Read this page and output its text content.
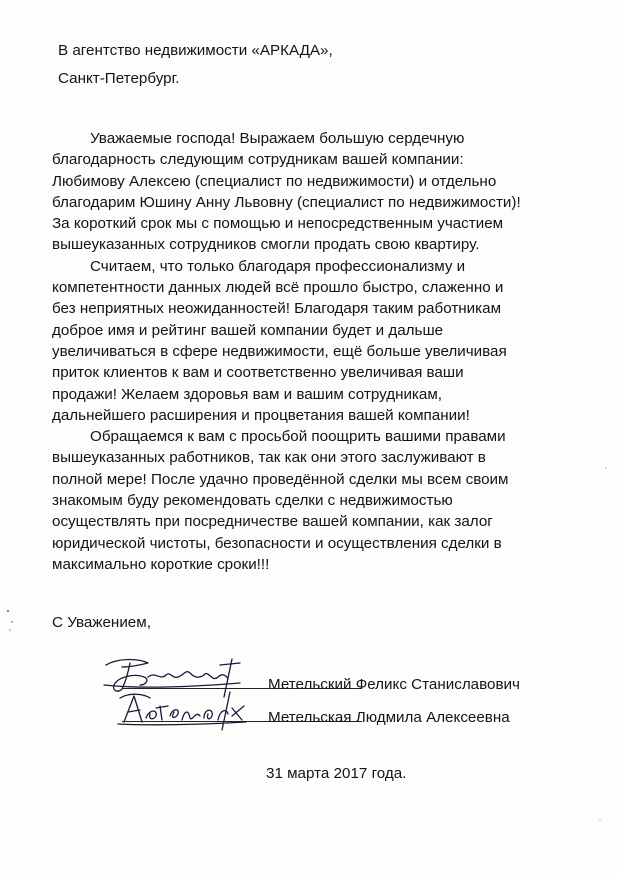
В агентство недвижимости «АРКАДА»,
Санкт-Петербург.
Уважаемые господа! Выражаем большую сердечную
благодарность следующим сотрудникам вашей компании:
Любимову Алексею (специалист по недвижимости) и отдельно
благодарим Юшину Анну Львовну (специалист по недвижимости)!
За короткий срок мы с помощью и непосредственным участием
вышеуказанных сотрудников смогли продать свою квартиру.
Считаем, что только благодаря профессионализму и
компетентности данных людей всё прошло быстро, слаженно и
без неприятных неожиданностей! Благодаря таким работникам
доброе имя и рейтинг вашей компании будет и дальше
увеличиваться в сфере недвижимости, ещё больше увеличивая
приток клиентов к вам и соответственно увеличивая ваши
продажи! Желаем здоровья вам и вашим сотрудникам,
дальнейшего расширения и процветания вашей компании!
Обращаемся к вам с просьбой поощрить вашими правами
вышеуказанных работников, так как они этого заслуживают в
полной мере! После удачно проведённой сделки мы всем своим
знакомым буду рекомендовать сделки с недвижимостью
осуществлять при посредничестве вашей компании, как залог
юридической чистоты, безопасности и осуществления сделки в
максимально короткие сроки!!!
С Уважением,
Метельский Феликс Станиславович
Метельская Людмила Алексеевна
31 марта 2017 года.
